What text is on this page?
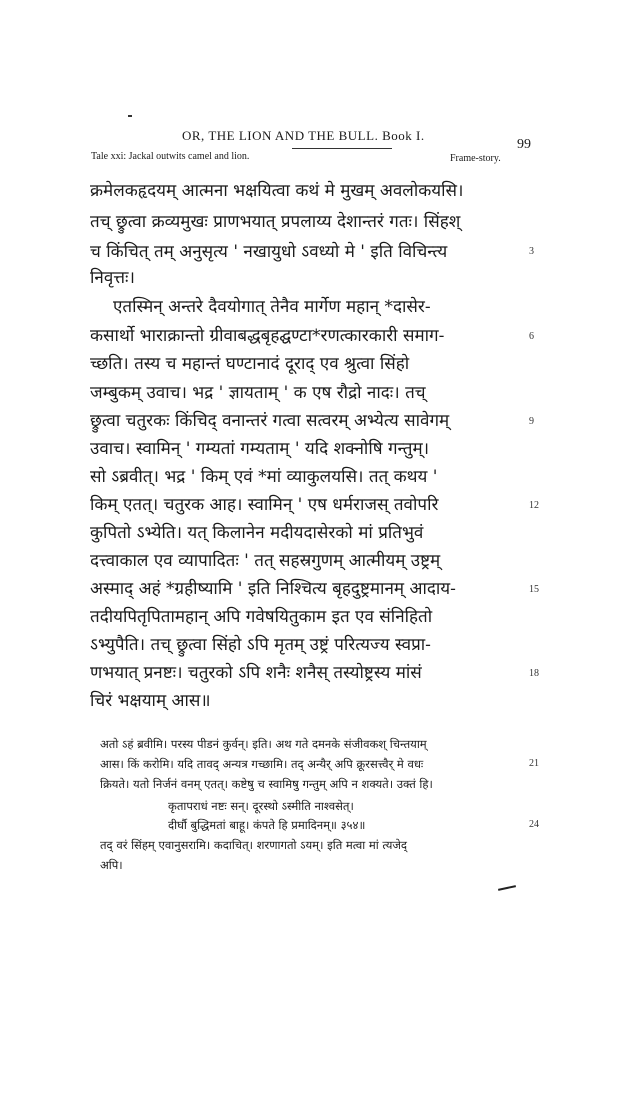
OR, THE LION AND THE BULL. Book I.
99
Tale xxi: Jackal outwits camel and lion.	Frame-story.
क्रमेलकहृदयम् आत्मना भक्षयित्वा कथं मे मुखम् अवलोकयसि।
तच् छ्रुत्वा क्रव्यमुखः प्राणभयात् प्रपलाय्य देशान्तरं गतः। सिंहश्
च किंचित् तम् अनुसृत्य ' नखायुधो ऽवध्यो मे ' इति विचिन्त्य
निवृत्तः।
एतस्मिन् अन्तरे दैवयोगात् तेनैव मार्गेण महान् *दासेर-
कसार्थो भाराक्रान्तो ग्रीवाबद्धबृहद्घण्टा*रणत्कारकारी समाग-
च्छति। तस्य च महान्तं घण्टानादं दूराद् एव श्रुत्वा सिंहो
जम्बुकम् उवाच। भद्र ' ज्ञायताम् ' क एष रौद्रो नादः। तच्
छ्रुत्वा चतुरकः किंचिद् वनान्तरं गत्वा सत्वरम् अभ्येत्य सावेगम्
उवाच। स्वामिन् ' गम्यतां गम्यताम् ' यदि शक्नोषि गन्तुम्।
सो ऽब्रवीत्। भद्र ' किम् एवं *मां व्याकुलयसि। तत् कथय '
किम् एतत्। चतुरक आह। स्वामिन् ' एष धर्मराजस् तवोपरि
कुपितो ऽभ्येति। यत् किलानेन मदीयदासेरको मां प्रतिभुवं
दत्त्वाकाल एव व्यापादितः ' तत् सहस्रगुणम् आत्मीयम् उष्ट्रम्
अस्माद् अहं *ग्रहीष्यामि ' इति निश्चित्य बृहदुष्ट्रमानम् आदाय-
तदीयपितृपितामहान् अपि गवेषयितुकाम इत एव संनिहितो
ऽभ्युपैति। तच् छ्रुत्वा सिंहो ऽपि मृतम् उष्ट्रं परित्यज्य स्वप्रा-
णभयात् प्रनष्टः। चतुरको ऽपि शनैः शनैस् तस्योष्ट्रस्य मांसं
चिरं भक्षयाम् आस॥
3
6
9
12
15
18
अतो ऽहं ब्रवीमि। परस्य पीडनं कुर्वन्। इति। अथ गते दमनके संजीवकश् चिन्तयाम्
आस। किं करोमि। यदि तावद् अन्यत्र गच्छामि। तद् अन्यैर् अपि क्रूरसत्त्वैर् मे वधः
क्रियते। यतो निर्जनं वनम् एतत्। कष्टेषु च स्वामिषु गन्तुम् अपि न शक्यते। उक्तं हि।
कृतापराधं नष्टः सन्। दूरस्थो ऽस्मीति नाश्वसेत्।
दीर्घौ बुद्धिमतां बाहू। कंपते हि प्रमादिनम्॥ ३५४॥
तद् वरं सिंहम् एवानुसरामि। कदाचित्। शरणागतो ऽयम्। इति मत्वा मां त्यजेद्
अपि।
21
24
